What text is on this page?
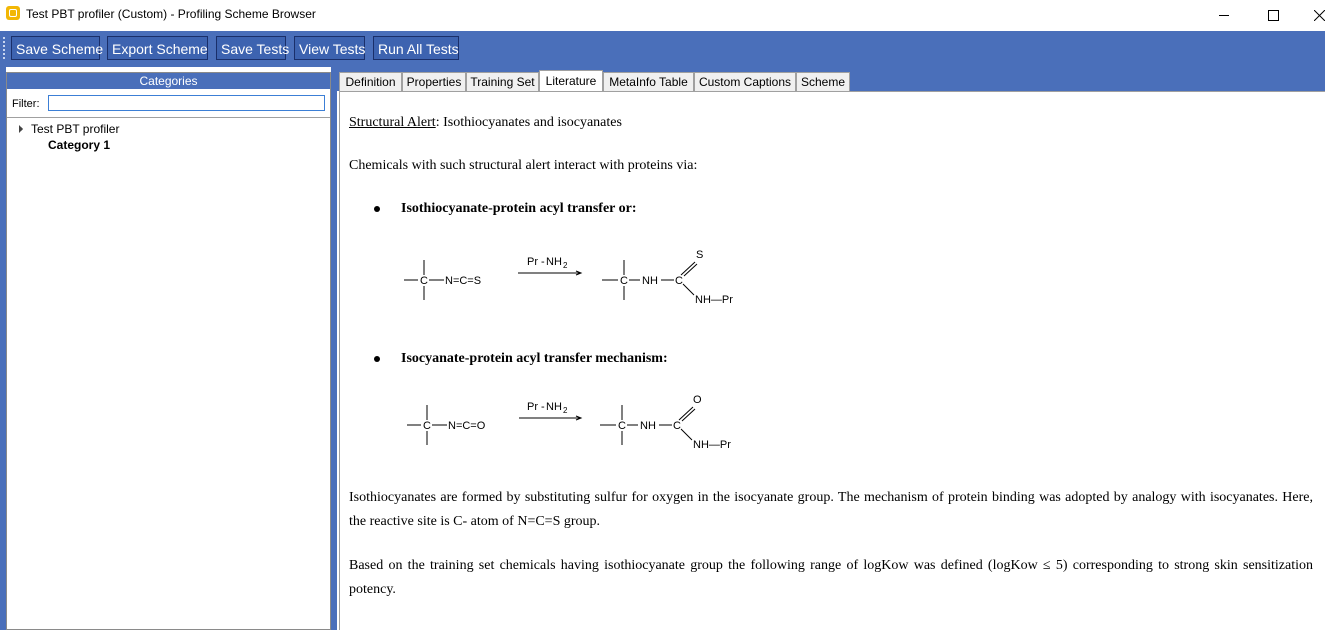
Test PBT profiler (Custom) - Profiling Scheme Browser
Save Scheme Export Scheme Save Tests View Tests Run All Tests
Categories
Filter:
Test PBT profiler
Category 1
Definition Properties Training Set Literature	MetaInfo Table Custom Captions Scheme
Structural Alert: Isothiocyanates and isocyanates
Chemicals with such structural alert interact with proteins via:
Isothiocyanate-protein acyl transfer or:
C N=C=S
Pr - NH 2
C NH C
S
NH—Pr
Isocyanate-protein acyl transfer mechanism:
C N=C=O
Pr - NH 2
C NH C
O
NH—Pr
Isothiocyanates are formed by substituting sulfur for oxygen in the isocyanate group. The mechanism of protein binding was adopted by analogy with isocyanates. Here, the reactive site is C- atom of N=C=S group.
Based on the training set chemicals having isothiocyanate group the following range of logKow was defined (logKow ≤ 5) corresponding to strong skin sensitization potency.
